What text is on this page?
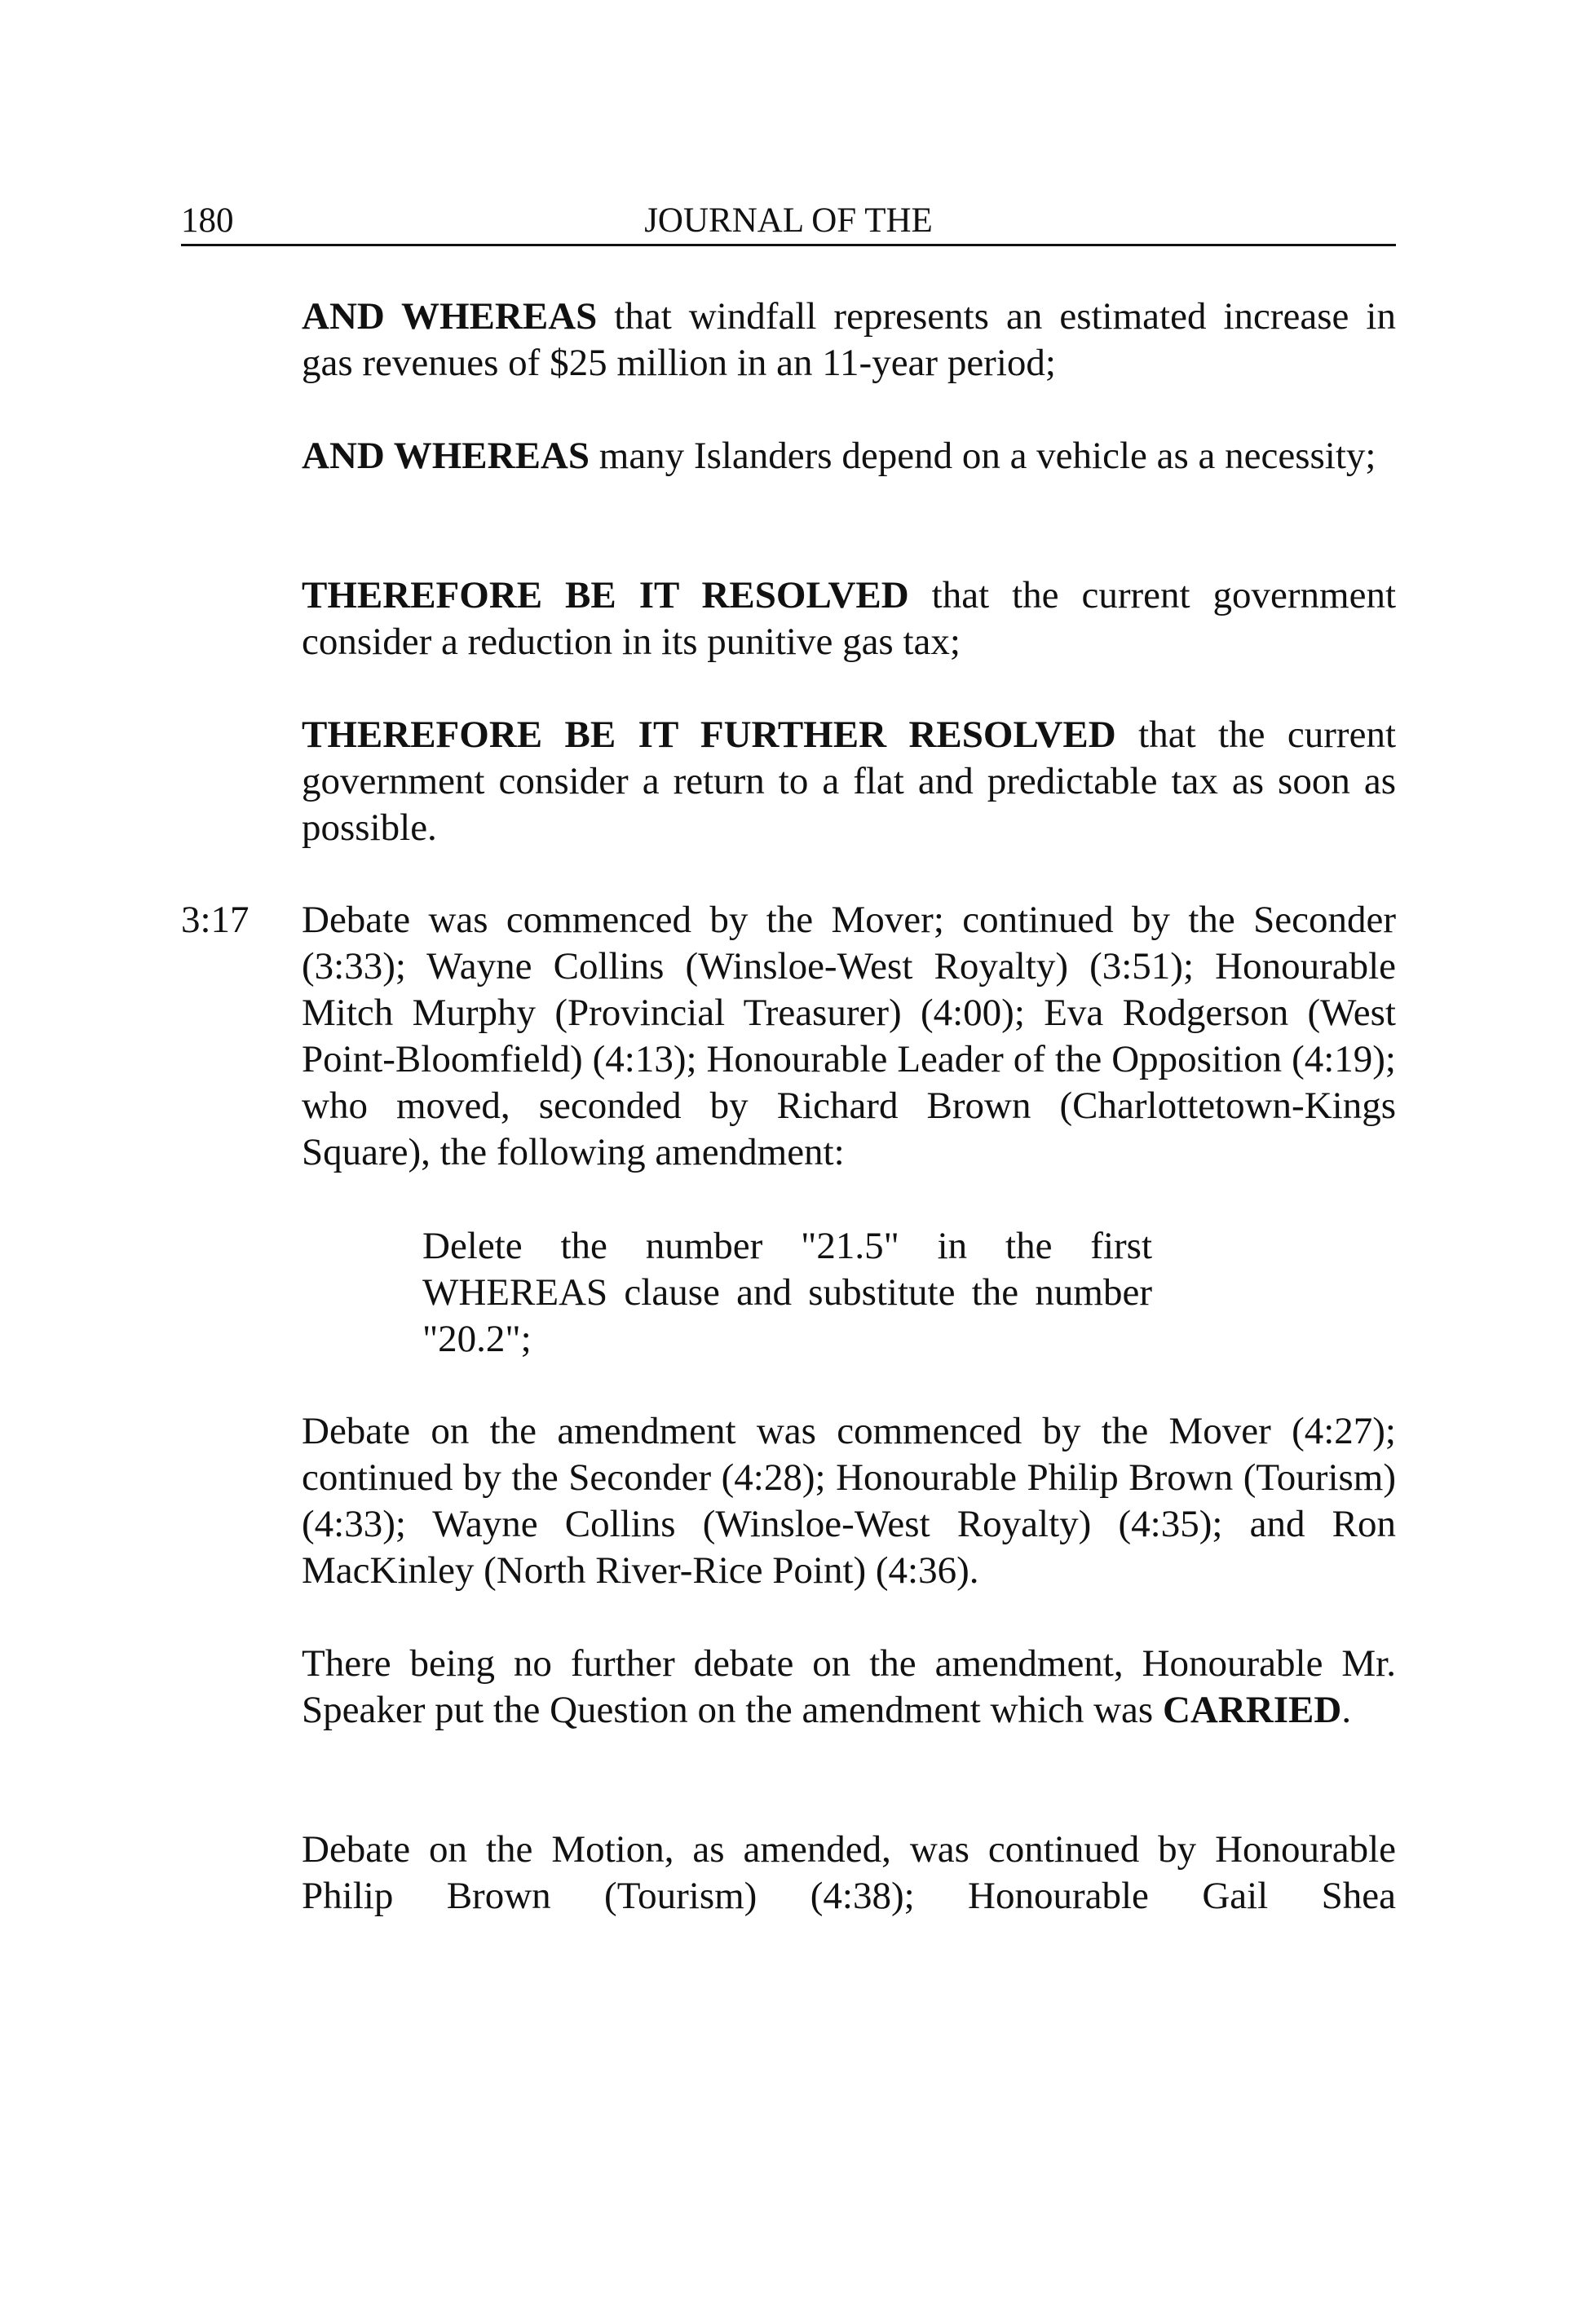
180	JOURNAL OF THE

AND WHEREAS that windfall represents an estimated increase in gas revenues of $25 million in an 11-year period;

AND WHEREAS many Islanders depend on a vehicle as a necessity;

THEREFORE BE IT RESOLVED that the current government consider a reduction in its punitive gas tax;

THEREFORE BE IT FURTHER RESOLVED that the current government consider a return to a flat and predictable tax as soon as possible.

3:17 Debate was commenced by the Mover; continued by the Seconder (3:33); Wayne Collins (Winsloe-West Royalty) (3:51); Honourable Mitch Murphy (Provincial Treasurer) (4:00); Eva Rodgerson (West Point-Bloomfield) (4:13); Honourable Leader of the Opposition (4:19); who moved, seconded by Richard Brown (Charlottetown-Kings Square), the following amendment:

Delete the number "21.5" in the first WHEREAS clause and substitute the number "20.2";

Debate on the amendment was commenced by the Mover (4:27); continued by the Seconder (4:28); Honourable Philip Brown (Tourism) (4:33); Wayne Collins (Winsloe-West Royalty) (4:35); and Ron MacKinley (North River-Rice Point) (4:36).

There being no further debate on the amendment, Honourable Mr. Speaker put the Question on the amendment which was CARRIED.

Debate on the Motion, as amended, was continued by Honourable Philip Brown (Tourism) (4:38); Honourable Gail Shea
